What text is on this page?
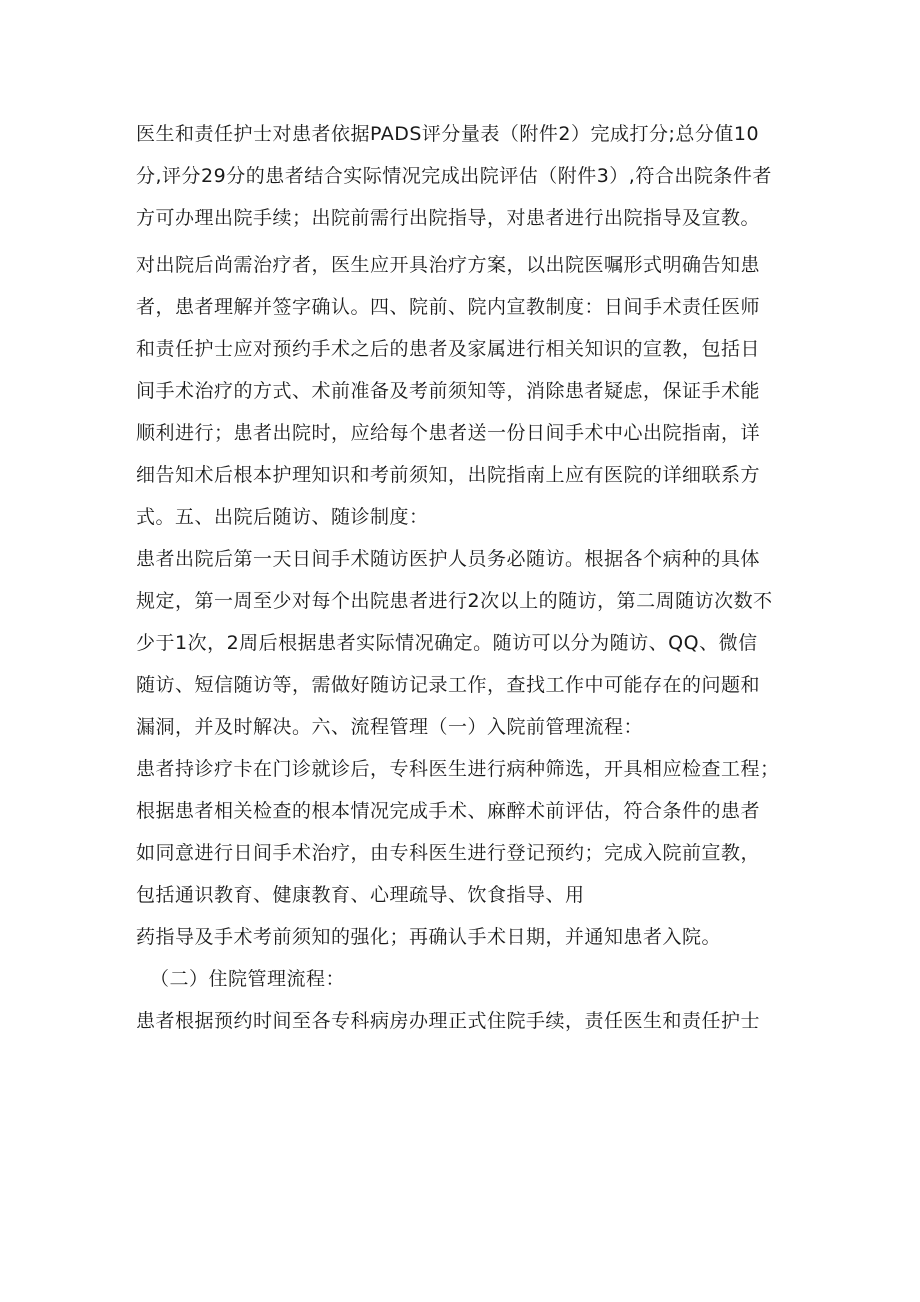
医生和责任护士对患者依据PADS评分量表（附件2）完成打分;总分值10
分,评分29分的患者结合实际情况完成出院评估（附件3）,符合出院条件者
方可办理出院手续；出院前需行出院指导，对患者进行出院指导及宣教。
对出院后尚需治疗者，医生应开具治疗方案，以出院医嘱形式明确告知患
者，患者理解并签字确认。四、院前、院内宣教制度：日间手术责任医师
和责任护士应对预约手术之后的患者及家属进行相关知识的宣教，包括日
间手术治疗的方式、术前准备及考前须知等，消除患者疑虑，保证手术能
顺利进行；患者出院时，应给每个患者送一份日间手术中心出院指南，详
细告知术后根本护理知识和考前须知，出院指南上应有医院的详细联系方
式。五、出院后随访、随诊制度：
患者出院后第一天日间手术随访医护人员务必随访。根据各个病种的具体
规定，第一周至少对每个出院患者进行2次以上的随访，第二周随访次数不
少于1次，2周后根据患者实际情况确定。随访可以分为随访、QQ、微信
随访、短信随访等，需做好随访记录工作，查找工作中可能存在的问题和
漏洞，并及时解决。六、流程管理（一）入院前管理流程：
患者持诊疗卡在门诊就诊后，专科医生进行病种筛选，开具相应检查工程；
根据患者相关检查的根本情况完成手术、麻醉术前评估，符合条件的患者
如同意进行日间手术治疗，由专科医生进行登记预约；完成入院前宣教，
包括通识教育、健康教育、心理疏导、饮食指导、用
药指导及手术考前须知的强化；再确认手术日期，并通知患者入院。
（二）住院管理流程：
患者根据预约时间至各专科病房办理正式住院手续，责任医生和责任护士
